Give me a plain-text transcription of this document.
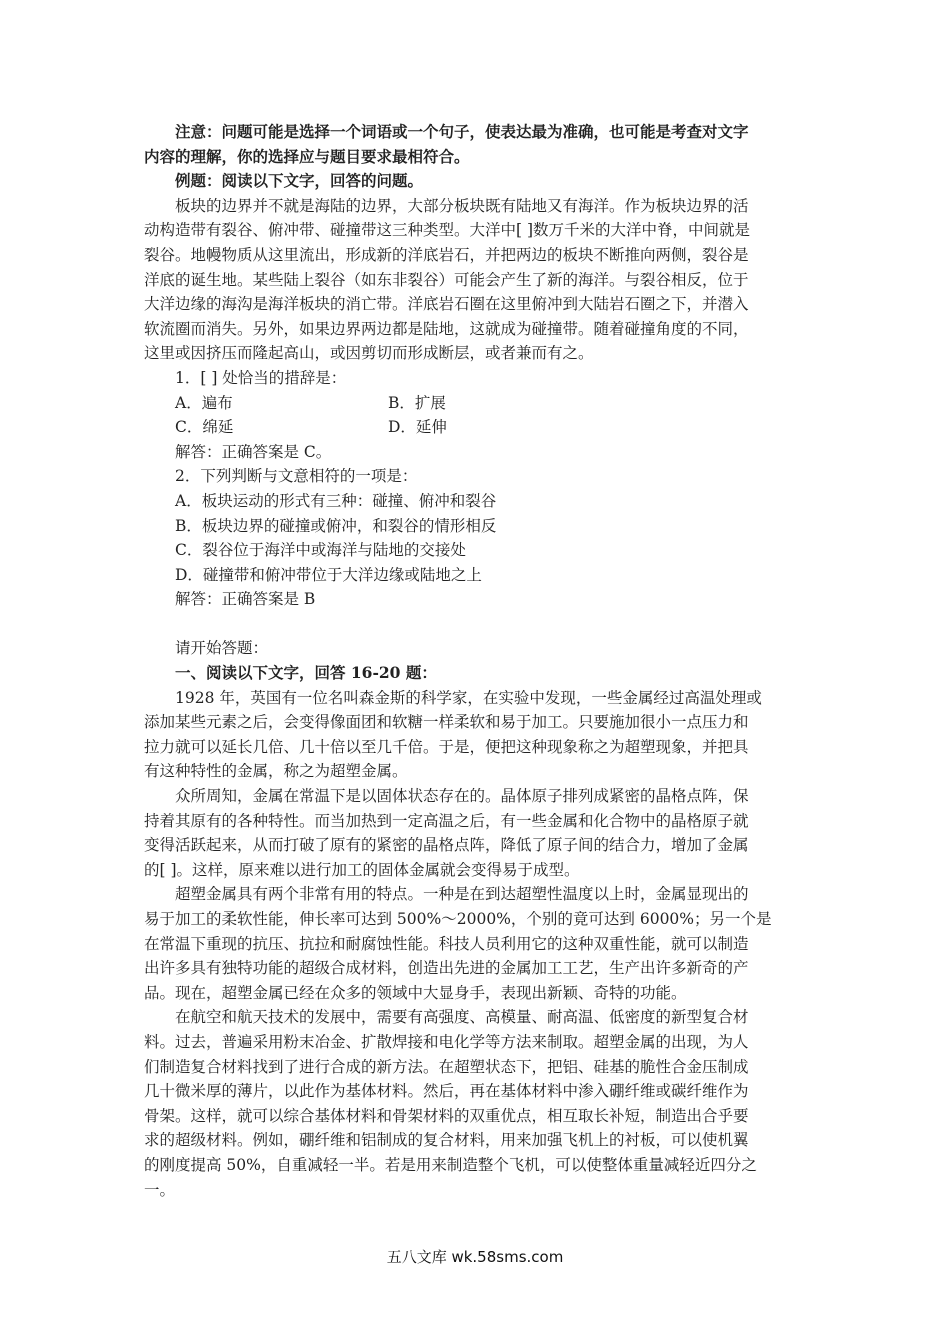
注意：问题可能是选择一个词语或一个句子，使表达最为准确，也可能是考查对文字
内容的理解，你的选择应与题目要求最相符合。
例题：阅读以下文字，回答的问题。
板块的边界并不就是海陆的边界，大部分板块既有陆地又有海洋。作为板块边界的活
动构造带有裂谷、俯冲带、碰撞带这三种类型。大洋中[ ]数万千米的大洋中脊，中间就是
裂谷。地幔物质从这里流出，形成新的洋底岩石，并把两边的板块不断推向两侧，裂谷是
洋底的诞生地。某些陆上裂谷（如东非裂谷）可能会产生了新的海洋。与裂谷相反，位于
大洋边缘的海沟是海洋板块的消亡带。洋底岩石圈在这里俯冲到大陆岩石圈之下，并潜入
软流圈而消失。另外，如果边界两边都是陆地，这就成为碰撞带。随着碰撞角度的不同，
这里或因挤压而隆起高山，或因剪切而形成断层，或者兼而有之。
1．[ ] 处恰当的措辞是：
A．遍布	B．扩展
C．绵延	D．延伸
解答：正确答案是 C。
2．下列判断与文意相符的一项是：
A．板块运动的形式有三种：碰撞、俯冲和裂谷
B．板块边界的碰撞或俯冲，和裂谷的情形相反
C．裂谷位于海洋中或海洋与陆地的交接处
D．碰撞带和俯冲带位于大洋边缘或陆地之上
解答：正确答案是 B
请开始答题：
一、阅读以下文字，回答 16-20 题：
1928 年，英国有一位名叫森金斯的科学家，在实验中发现，一些金属经过高温处理或
添加某些元素之后，会变得像面团和软糖一样柔软和易于加工。只要施加很小一点压力和
拉力就可以延长几倍、几十倍以至几千倍。于是，便把这种现象称之为超塑现象，并把具
有这种特性的金属，称之为超塑金属。
众所周知，金属在常温下是以固体状态存在的。晶体原子排列成紧密的晶格点阵，保
持着其原有的各种特性。而当加热到一定高温之后，有一些金属和化合物中的晶格原子就
变得活跃起来，从而打破了原有的紧密的晶格点阵，降低了原子间的结合力，增加了金属
的[ ]。这样，原来难以进行加工的固体金属就会变得易于成型。
超塑金属具有两个非常有用的特点。一种是在到达超塑性温度以上时，金属显现出的
易于加工的柔软性能，伸长率可达到 500%～2000%，个别的竟可达到 6000%；另一个是
在常温下重现的抗压、抗拉和耐腐蚀性能。科技人员利用它的这种双重性能，就可以制造
出许多具有独特功能的超级合成材料，创造出先进的金属加工工艺，生产出许多新奇的产
品。现在，超塑金属已经在众多的领域中大显身手，表现出新颖、奇特的功能。
在航空和航天技术的发展中，需要有高强度、高模量、耐高温、低密度的新型复合材
料。过去，普遍采用粉末冶金、扩散焊接和电化学等方法来制取。超塑金属的出现，为人
们制造复合材料找到了进行合成的新方法。在超塑状态下，把铝、硅基的脆性合金压制成
几十微米厚的薄片，以此作为基体材料。然后，再在基体材料中渗入硼纤维或碳纤维作为
骨架。这样，就可以综合基体材料和骨架材料的双重优点，相互取长补短，制造出合乎要
求的超级材料。例如，硼纤维和铝制成的复合材料，用来加强飞机上的衬板，可以使机翼
的刚度提高 50%，自重减轻一半。若是用来制造整个飞机，可以使整体重量减轻近四分之
一。
五八文库 wk.58sms.com
